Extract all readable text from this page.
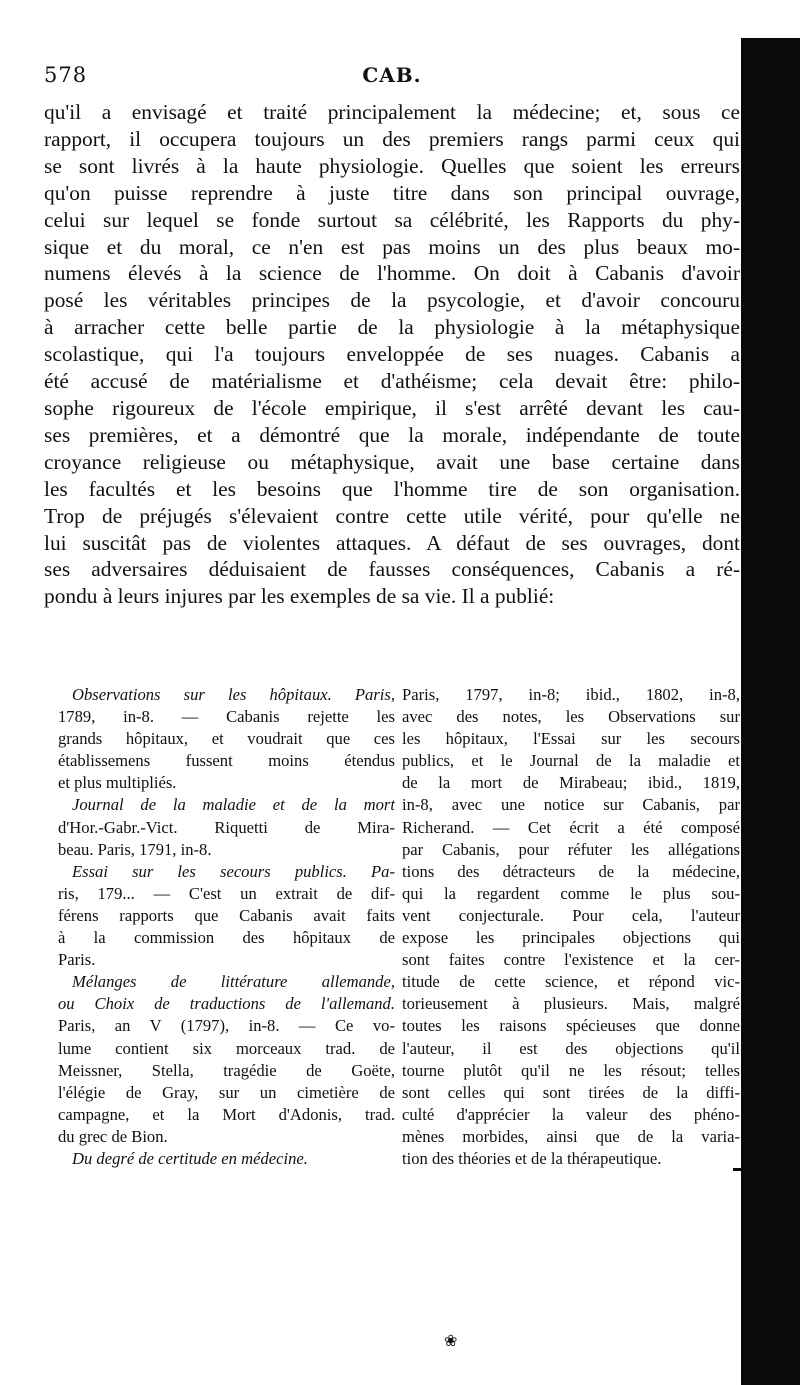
578	CAB.
qu'il a envisagé et traité principalement la médecine; et, sous ce
rapport, il occupera toujours un des premiers rangs parmi ceux qui
se sont livrés à la haute physiologie. Quelles que soient les erreurs
qu'on puisse reprendre à juste titre dans son principal ouvrage,
celui sur lequel se fonde surtout sa célébrité, les Rapports du phy-
sique et du moral, ce n'en est pas moins un des plus beaux mo-
numens élevés à la science de l'homme. On doit à Cabanis d'avoir
posé les véritables principes de la psycologie, et d'avoir concouru
à arracher cette belle partie de la physiologie à la métaphysique
scolastique, qui l'a toujours enveloppée de ses nuages. Cabanis a
été accusé de matérialisme et d'athéisme; cela devait être: philo-
sophe rigoureux de l'école empirique, il s'est arrêté devant les cau-
ses premières, et a démontré que la morale, indépendante de toute
croyance religieuse ou métaphysique, avait une base certaine dans
les facultés et les besoins que l'homme tire de son organisation.
Trop de préjugés s'élevaient contre cette utile vérité, pour qu'elle ne
lui suscitât pas de violentes attaques. A défaut de ses ouvrages, dont
ses adversaires déduisaient de fausses conséquences, Cabanis a ré-
pondu à leurs injures par les exemples de sa vie. Il a publié:
Observations sur les hôpitaux. Paris,
1789, in-8. — Cabanis rejette les
grands hôpitaux, et voudrait que ces
établissemens fussent moins étendus
et plus multipliés.
Journal de la maladie et de la mort
d'Hor.-Gabr.-Vict. Riquetti de Mira-
beau. Paris, 1791, in-8.
Essai sur les secours publics. Pa-
ris, 179... — C'est un extrait de dif-
férens rapports que Cabanis avait faits
à la commission des hôpitaux de
Paris.
Mélanges de littérature allemande,
ou Choix de traductions de l'allemand.
Paris, an V (1797), in-8. — Ce vo-
lume contient six morceaux trad. de
Meissner, Stella, tragédie de Goëte,
l'élégie de Gray, sur un cimetière de
campagne, et la Mort d'Adonis, trad.
du grec de Bion.
Du degré de certitude en médecine.
Paris, 1797, in-8; ibid., 1802, in-8,
avec des notes, les Observations sur
les hôpitaux, l'Essai sur les secours
publics, et le Journal de la maladie et
de la mort de Mirabeau; ibid., 1819,
in-8, avec une notice sur Cabanis, par
Richerand. — Cet écrit a été composé
par Cabanis, pour réfuter les allégations
tions des détracteurs de la médecine,
qui la regardent comme le plus sou-
vent conjecturale. Pour cela, l'auteur
expose les principales objections qui
sont faites contre l'existence et la cer-
titude de cette science, et répond vic-
torieusement à plusieurs. Mais, malgré
toutes les raisons spécieuses que donne
l'auteur, il est des objections qu'il
tourne plutôt qu'il ne les résout; telles
sont celles qui sont tirées de la diffi-
culté d'apprécier la valeur des phéno-
mènes morbides, ainsi que de la varia-
tion des théories et de la thérapeutique.
❀
